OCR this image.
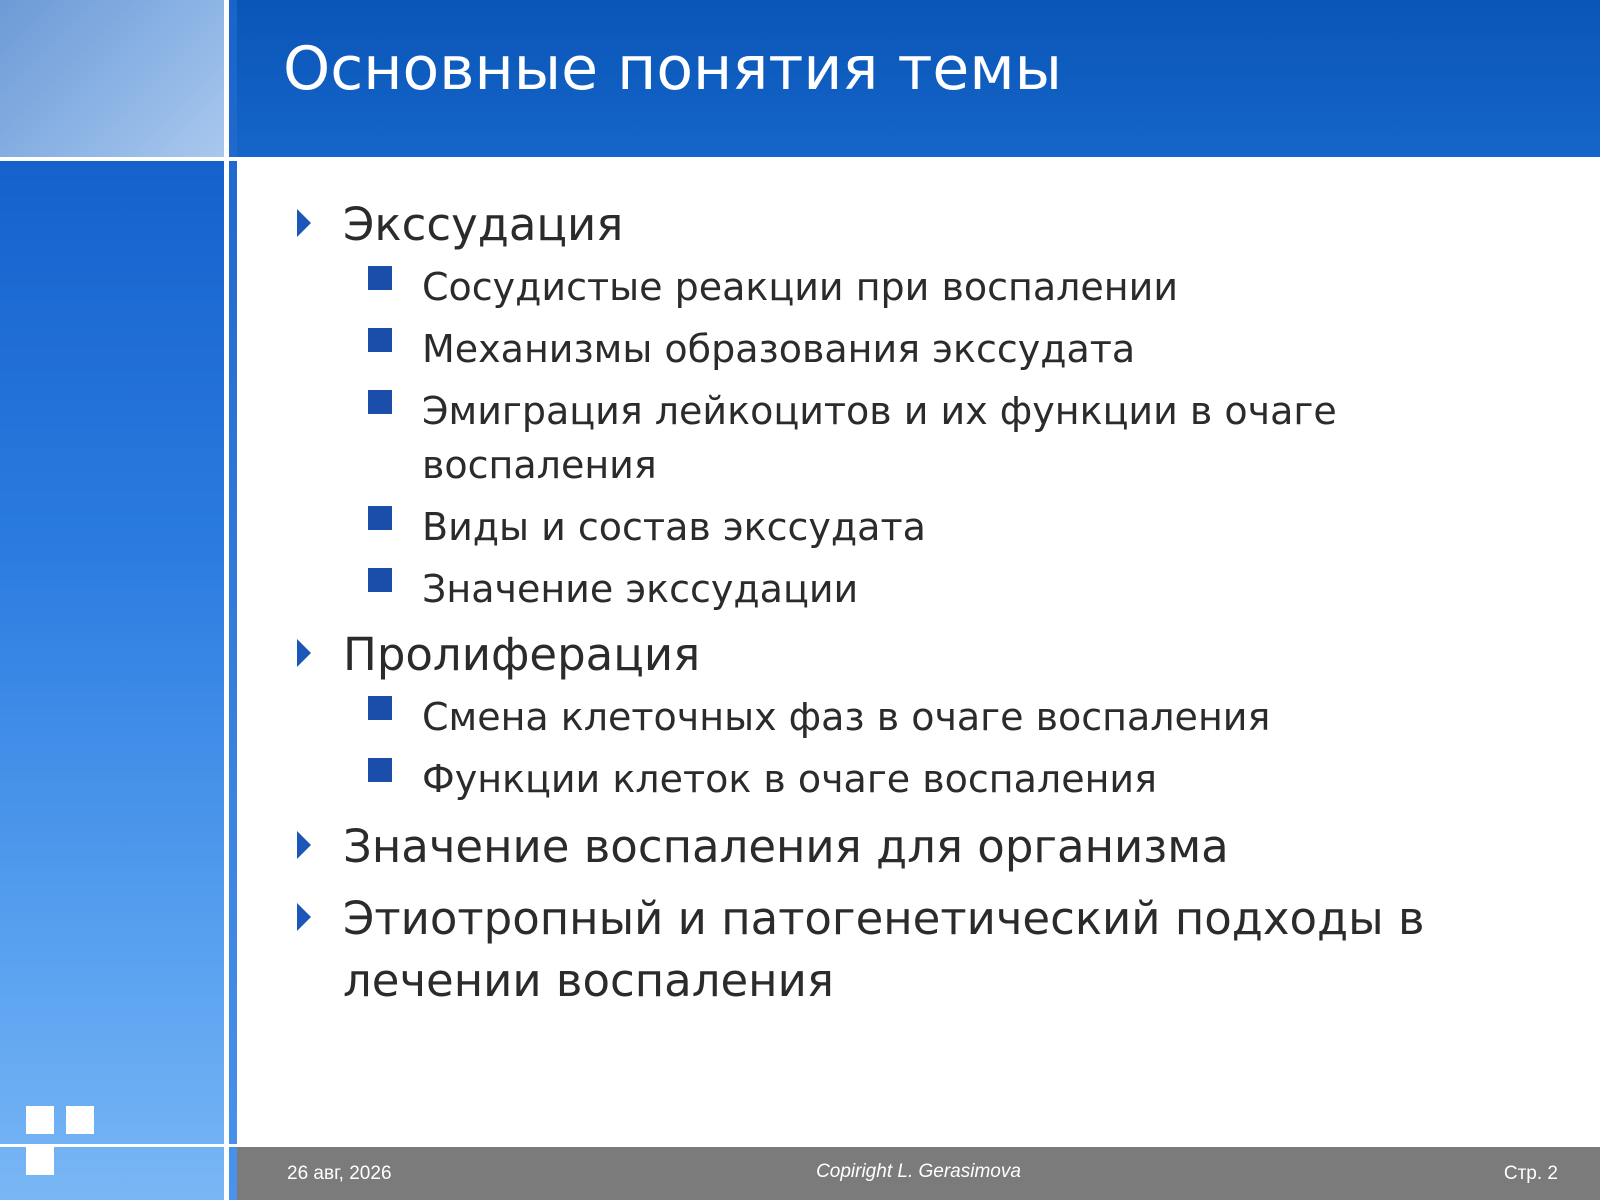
Основные понятия темы
Экссудация
Сосудистые реакции при воспалении
Механизмы образования экссудата
Эмиграция лейкоцитов и их функции в очаге воспаления
Виды и состав экссудата
Значение экссудации
Пролиферация
Смена клеточных фаз в очаге воспаления
Функции клеток в очаге воспаления
Значение воспаления для организма
Этиотропный и патогенетический подходы в лечении воспаления
26 авг, 2026	Copiright L. Gerasimova	Стр. 2
